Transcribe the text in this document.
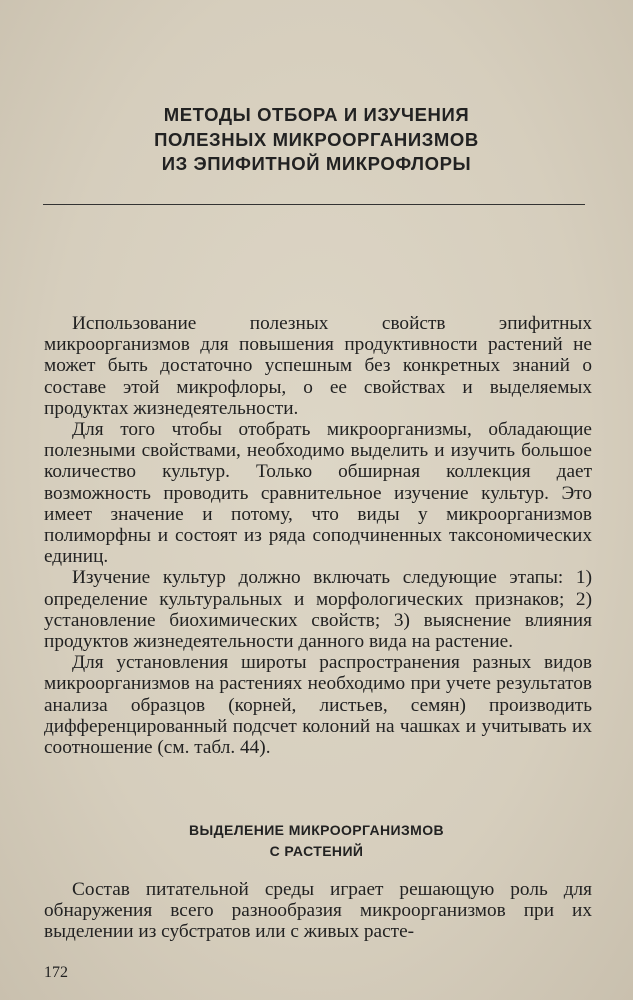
МЕТОДЫ ОТБОРА И ИЗУЧЕНИЯ
ПОЛЕЗНЫХ МИКРООРГАНИЗМОВ
ИЗ ЭПИФИТНОЙ МИКРОФЛОРЫ

Использование полезных свойств эпифитных микроорганизмов для повышения продуктивности растений не может быть достаточно успешным без конкретных знаний о составе этой микрофлоры, о ее свойствах и выделяемых продуктах жизнедеятельности.

Для того чтобы отобрать микроорганизмы, обладающие полезными свойствами, необходимо выделить и изучить большое количество культур. Только обширная коллекция дает возможность проводить сравнительное изучение культур. Это имеет значение и потому, что виды у микроорганизмов полиморфны и состоят из ряда соподчиненных таксономических единиц.

Изучение культур должно включать следующие этапы: 1) определение культуральных и морфологических признаков; 2) установление биохимических свойств; 3) выяснение влияния продуктов жизнедеятельности данного вида на растение.

Для установления широты распространения разных видов микроорганизмов на растениях необходимо при учете результатов анализа образцов (корней, листьев, семян) производить дифференцированный подсчет колоний на чашках и учитывать их соотношение (см. табл. 44).

ВЫДЕЛЕНИЕ МИКРООРГАНИЗМОВ
С РАСТЕНИЙ

Состав питательной среды играет решающую роль для обнаружения всего разнообразия микроорганизмов при их выделении из субстратов или с живых расте-

172
